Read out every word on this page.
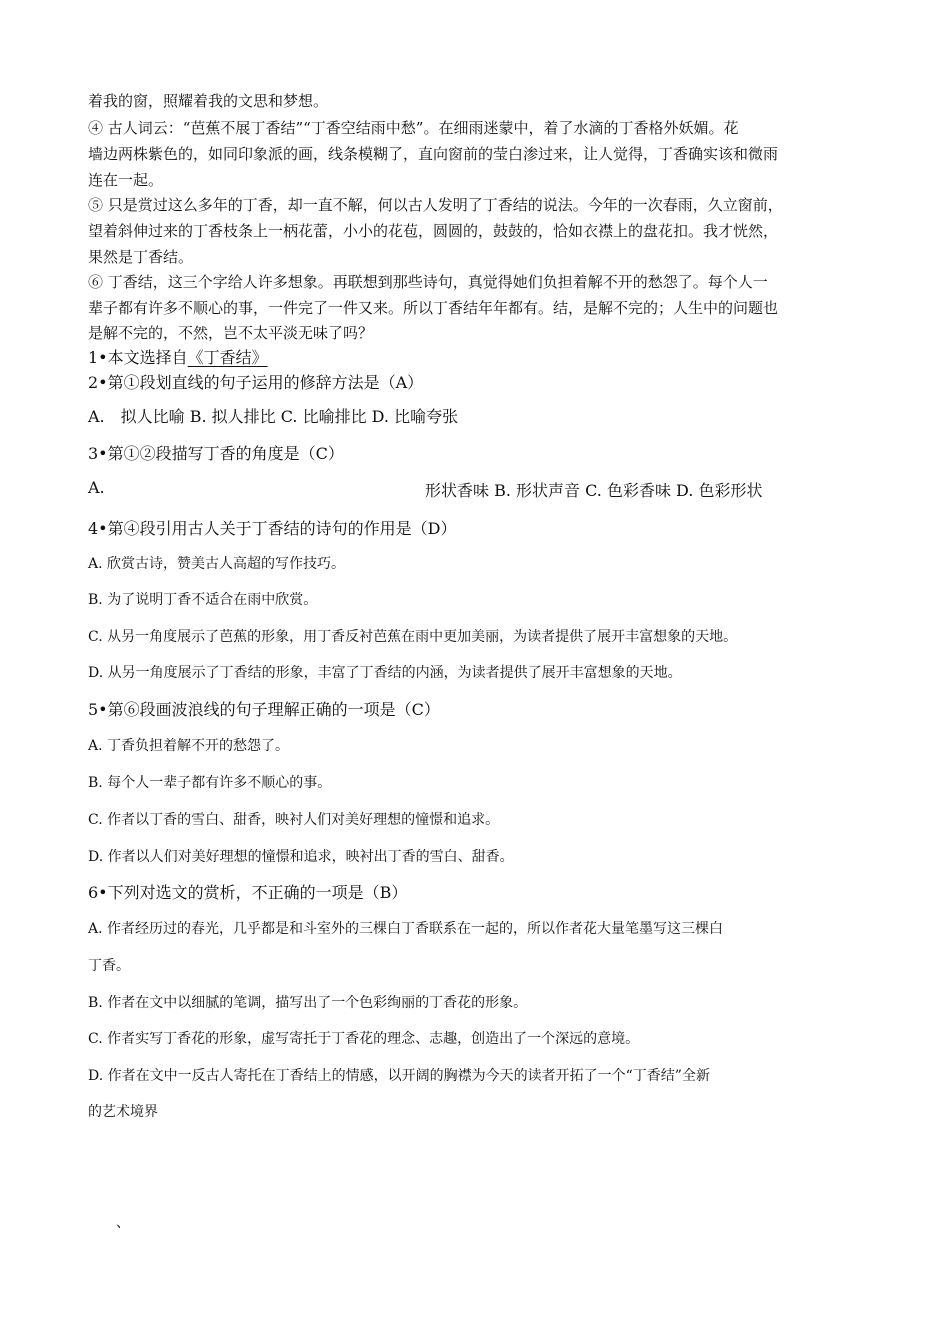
着我的窗，照耀着我的文思和梦想。
④ 古人词云：“芭蕉不展丁香结”“丁香空结雨中愁”。在细雨迷蒙中，着了水滴的丁香格外妖媚。花
墙边两株紫色的，如同印象派的画，线条模糊了，直向窗前的莹白渗过来，让人觉得，丁香确实该和微雨
连在一起。
⑤ 只是赏过这么多年的丁香，却一直不解，何以古人发明了丁香结的说法。今年的一次春雨，久立窗前，
望着斜伸过来的丁香枝条上一柄花蕾，小小的花苞，圆圆的，鼓鼓的，恰如衣襟上的盘花扣。我才恍然，
果然是丁香结。
⑥ 丁香结，这三个字给人许多想象。再联想到那些诗句，真觉得她们负担着解不开的愁怨了。每个人一
辈子都有许多不顺心的事，一件完了一件又来。所以丁香结年年都有。结，是解不完的；人生中的问题也
是解不完的，不然，岂不太平淡无味了吗？
1•本文选择自《丁香结》
2•第①段划直线的句子运用的修辞方法是（A）
A.　拟人比喻 B. 拟人排比 C. 比喻排比 D. 比喻夸张
3•第①②段描写丁香的角度是（C）
A.	形状香味 B. 形状声音 C. 色彩香味 D. 色彩形状
4•第④段引用古人关于丁香结的诗句的作用是（D）
A. 欣赏古诗，赞美古人高超的写作技巧。
B. 为了说明丁香不适合在雨中欣赏。
C. 从另一角度展示了芭蕉的形象，用丁香反衬芭蕉在雨中更加美丽，为读者提供了展开丰富想象的天地。
D. 从另一角度展示了丁香结的形象，丰富了丁香结的内涵，为读者提供了展开丰富想象的天地。
5•第⑥段画波浪线的句子理解正确的一项是（C）
A. 丁香负担着解不开的愁怨了。
B. 每个人一辈子都有许多不顺心的事。
C. 作者以丁香的雪白、甜香，映衬人们对美好理想的憧憬和追求。
D. 作者以人们对美好理想的憧憬和追求，映衬出丁香的雪白、甜香。
6•下列对选文的赏析，不正确的一项是（B）
A. 作者经历过的春光，几乎都是和斗室外的三棵白丁香联系在一起的，所以作者花大量笔墨写这三棵白
丁香。
B. 作者在文中以细腻的笔调，描写出了一个色彩绚丽的丁香花的形象。
C. 作者实写丁香花的形象，虚写寄托于丁香花的理念、志趣，创造出了一个深远的意境。
D. 作者在文中一反古人寄托在丁香结上的情感，以开阔的胸襟为今天的读者开拓了一个“丁香结”全新
的艺术境界
、
